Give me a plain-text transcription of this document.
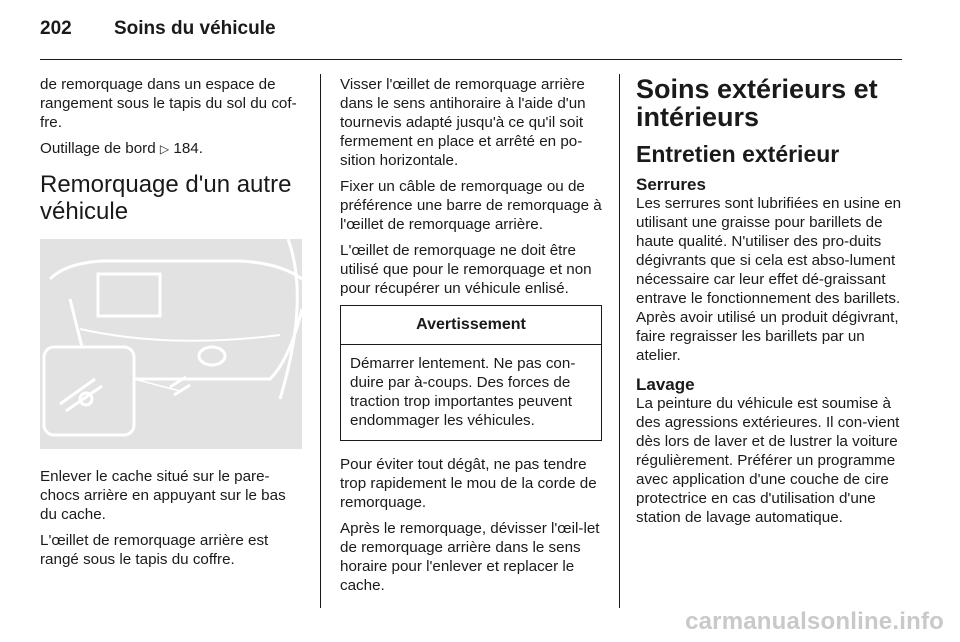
202 Soins du véhicule

de remorquage dans un espace de rangement sous le tapis du sol du cof-fre.

Outillage de bord ▷ 184.

Remorquage d'un autre véhicule

Enlever le cache situé sur le pare-chocs arrière en appuyant sur le bas du cache.

L'œillet de remorquage arrière est rangé sous le tapis du coffre.

Visser l'œillet de remorquage arrière dans le sens antihoraire à l'aide d'un tournevis adapté jusqu'à ce qu'il soit fermement en place et arrêté en po-sition horizontale.

Fixer un câble de remorquage ou de préférence une barre de remorquage à l'œillet de remorquage arrière.

L'œillet de remorquage ne doit être utilisé que pour le remorquage et non pour récupérer un véhicule enlisé.

Avertissement
Démarrer lentement. Ne pas con-duire par à-coups. Des forces de traction trop importantes peuvent endommager les véhicules.

Pour éviter tout dégât, ne pas tendre trop rapidement le mou de la corde de remorquage.

Après le remorquage, dévisser l'œil-let de remorquage arrière dans le sens horaire pour l'enlever et replacer le cache.

Soins extérieurs et intérieurs
Entretien extérieur
Serrures

Les serrures sont lubrifiées en usine en utilisant une graisse pour barillets de haute qualité. N'utiliser des pro-duits dégivrants que si cela est abso-lument nécessaire car leur effet dé-graissant entrave le fonctionnement des barillets. Après avoir utilisé un produit dégivrant, faire regraisser les barillets par un atelier.

Lavage

La peinture du véhicule est soumise à des agressions extérieures. Il con-vient dès lors de laver et de lustrer la voiture régulièrement. Préférer un programme avec application d'une couche de cire protectrice en cas d'utilisation d'une station de lavage automatique.

carmanualsonline.info
